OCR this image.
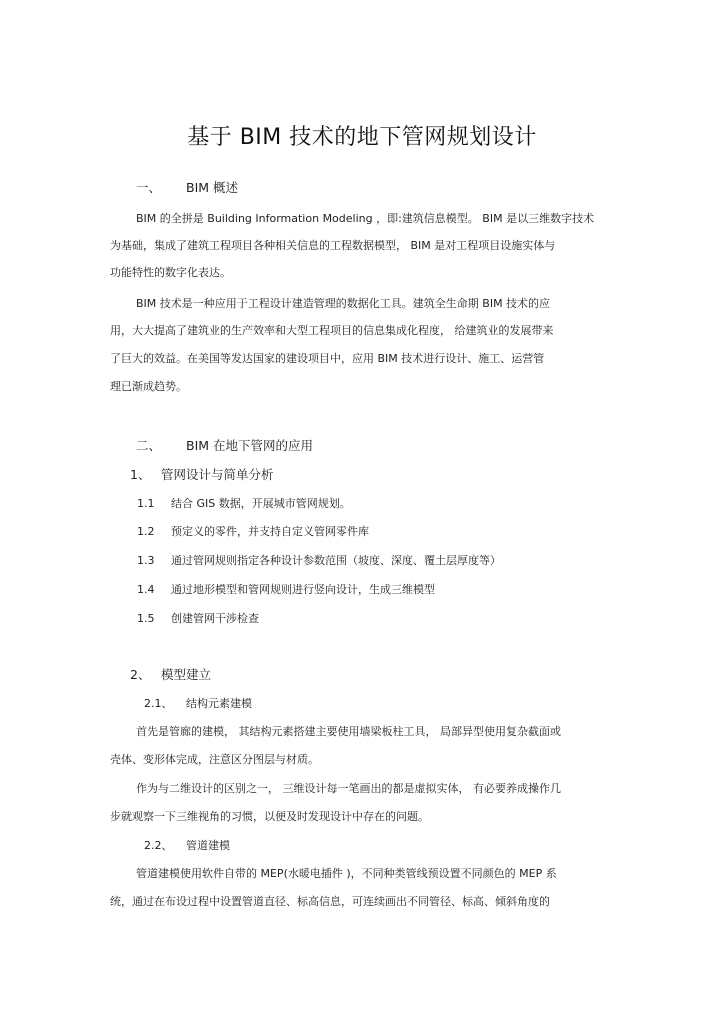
基于 BIM 技术的地下管网规划设计
一、 BIM 概述
BIM 的全拼是 Building Information Modeling ，即:建筑信息模型。 BIM 是以三维数字技术
为基础，集成了建筑工程项目各种相关信息的工程数据模型， BIM 是对工程项目设施实体与
功能特性的数字化表达。
BIM 技术是一种应用于工程设计建造管理的数据化工具。建筑全生命期 BIM 技术的应
用，大大提高了建筑业的生产效率和大型工程项目的信息集成化程度， 给建筑业的发展带来
了巨大的效益。在美国等发达国家的建设项目中，应用 BIM 技术进行设计、施工、运营管
理已渐成趋势。
二、 BIM 在地下管网的应用
1、 管网设计与简单分析
1.1 结合 GIS 数据，开展城市管网规划。
1.2 预定义的零件，并支持自定义管网零件库
1.3 通过管网规则指定各种设计参数范围（坡度、深度、覆土层厚度等）
1.4 通过地形模型和管网规则进行竖向设计，生成三维模型
1.5 创建管网干涉检查
2、 模型建立
2.1、 结构元素建模
首先是管廊的建模， 其结构元素搭建主要使用墙梁板柱工具， 局部异型使用复杂截面或
壳体、变形体完成，注意区分图层与材质。
作为与二维设计的区别之一， 三维设计每一笔画出的都是虚拟实体， 有必要养成操作几
步就观察一下三维视角的习惯，以便及时发现设计中存在的问题。
2.2、 管道建模
管道建模使用软件自带的 MEP(水暖电插件 )，不同种类管线预设置不同颜色的 MEP 系
统，通过在布设过程中设置管道直径、标高信息，可连续画出不同管径、标高、倾斜角度的
